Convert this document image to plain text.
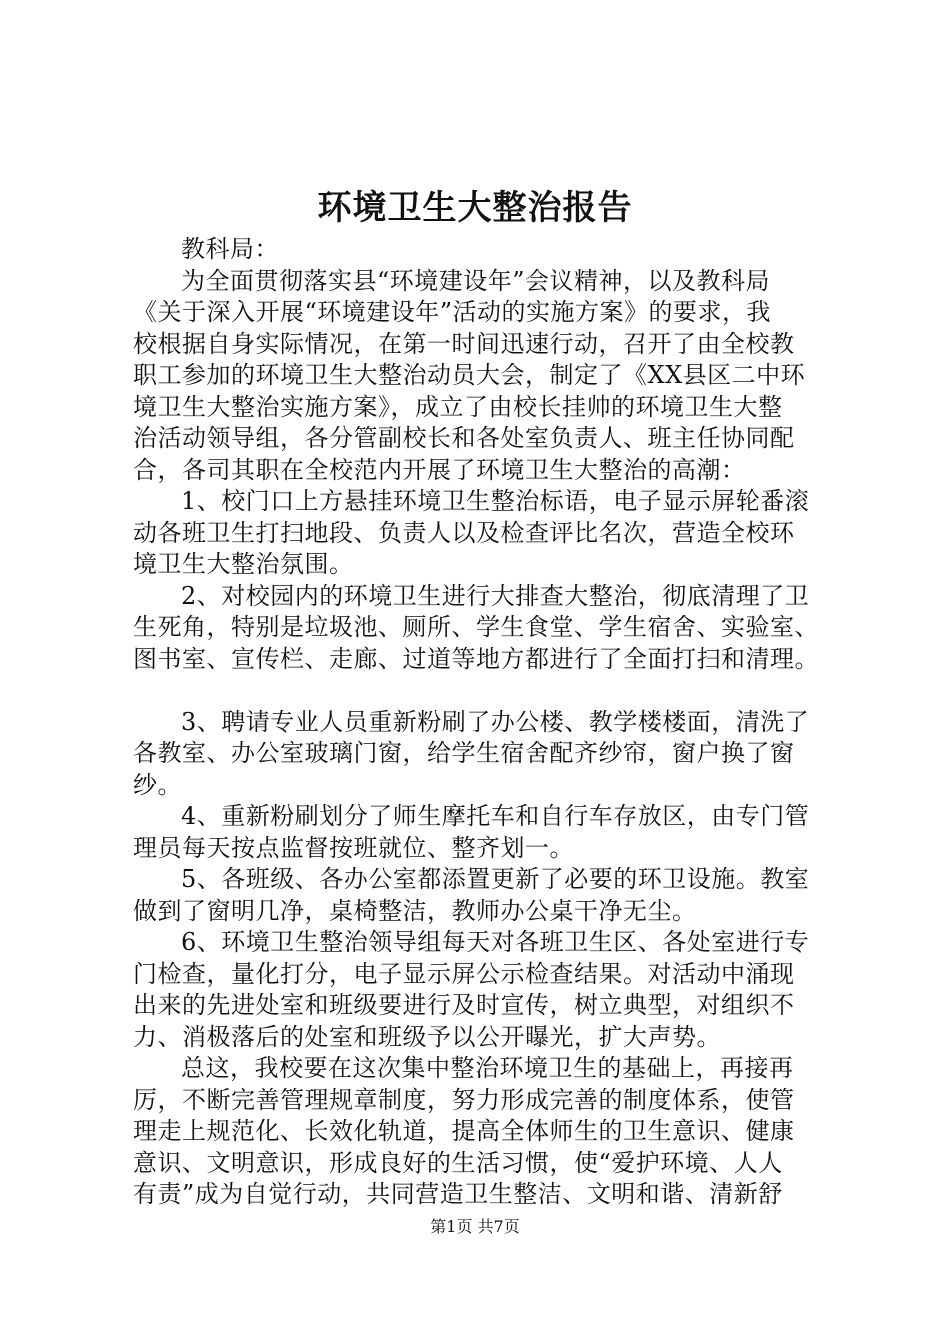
环境卫生大整治报告
教科局：
为全面贯彻落实县“环境建设年”会议精神，以及教科局
《关于深入开展“环境建设年”活动的实施方案》的要求，我
校根据自身实际情况，在第一时间迅速行动，召开了由全校教
职工参加的环境卫生大整治动员大会，制定了《XX县区二中环
境卫生大整治实施方案》，成立了由校长挂帅的环境卫生大整
治活动领导组，各分管副校长和各处室负责人、班主任协同配
合，各司其职在全校范内开展了环境卫生大整治的高潮：
1、校门口上方悬挂环境卫生整治标语，电子显示屏轮番滚
动各班卫生打扫地段、负责人以及检查评比名次，营造全校环
境卫生大整治氛围。
2、对校园内的环境卫生进行大排查大整治，彻底清理了卫
生死角，特别是垃圾池、厕所、学生食堂、学生宿舍、实验室、
图书室、宣传栏、走廊、过道等地方都进行了全面打扫和清理。
3、聘请专业人员重新粉刷了办公楼、教学楼楼面，清洗了
各教室、办公室玻璃门窗，给学生宿舍配齐纱帘，窗户换了窗
纱。
4、重新粉刷划分了师生摩托车和自行车存放区，由专门管
理员每天按点监督按班就位、整齐划一。
5、各班级、各办公室都添置更新了必要的环卫设施。教室
做到了窗明几净，桌椅整洁，教师办公桌干净无尘。
6、环境卫生整治领导组每天对各班卫生区、各处室进行专
门检查，量化打分，电子显示屏公示检查结果。对活动中涌现
出来的先进处室和班级要进行及时宣传，树立典型，对组织不
力、消极落后的处室和班级予以公开曝光，扩大声势。
总这，我校要在这次集中整治环境卫生的基础上，再接再
厉，不断完善管理规章制度，努力形成完善的制度体系，使管
理走上规范化、长效化轨道，提高全体师生的卫生意识、健康
意识、文明意识，形成良好的生活习惯，使“爱护环境、人人
有责”成为自觉行动，共同营造卫生整洁、文明和谐、清新舒
第1页 共7页
